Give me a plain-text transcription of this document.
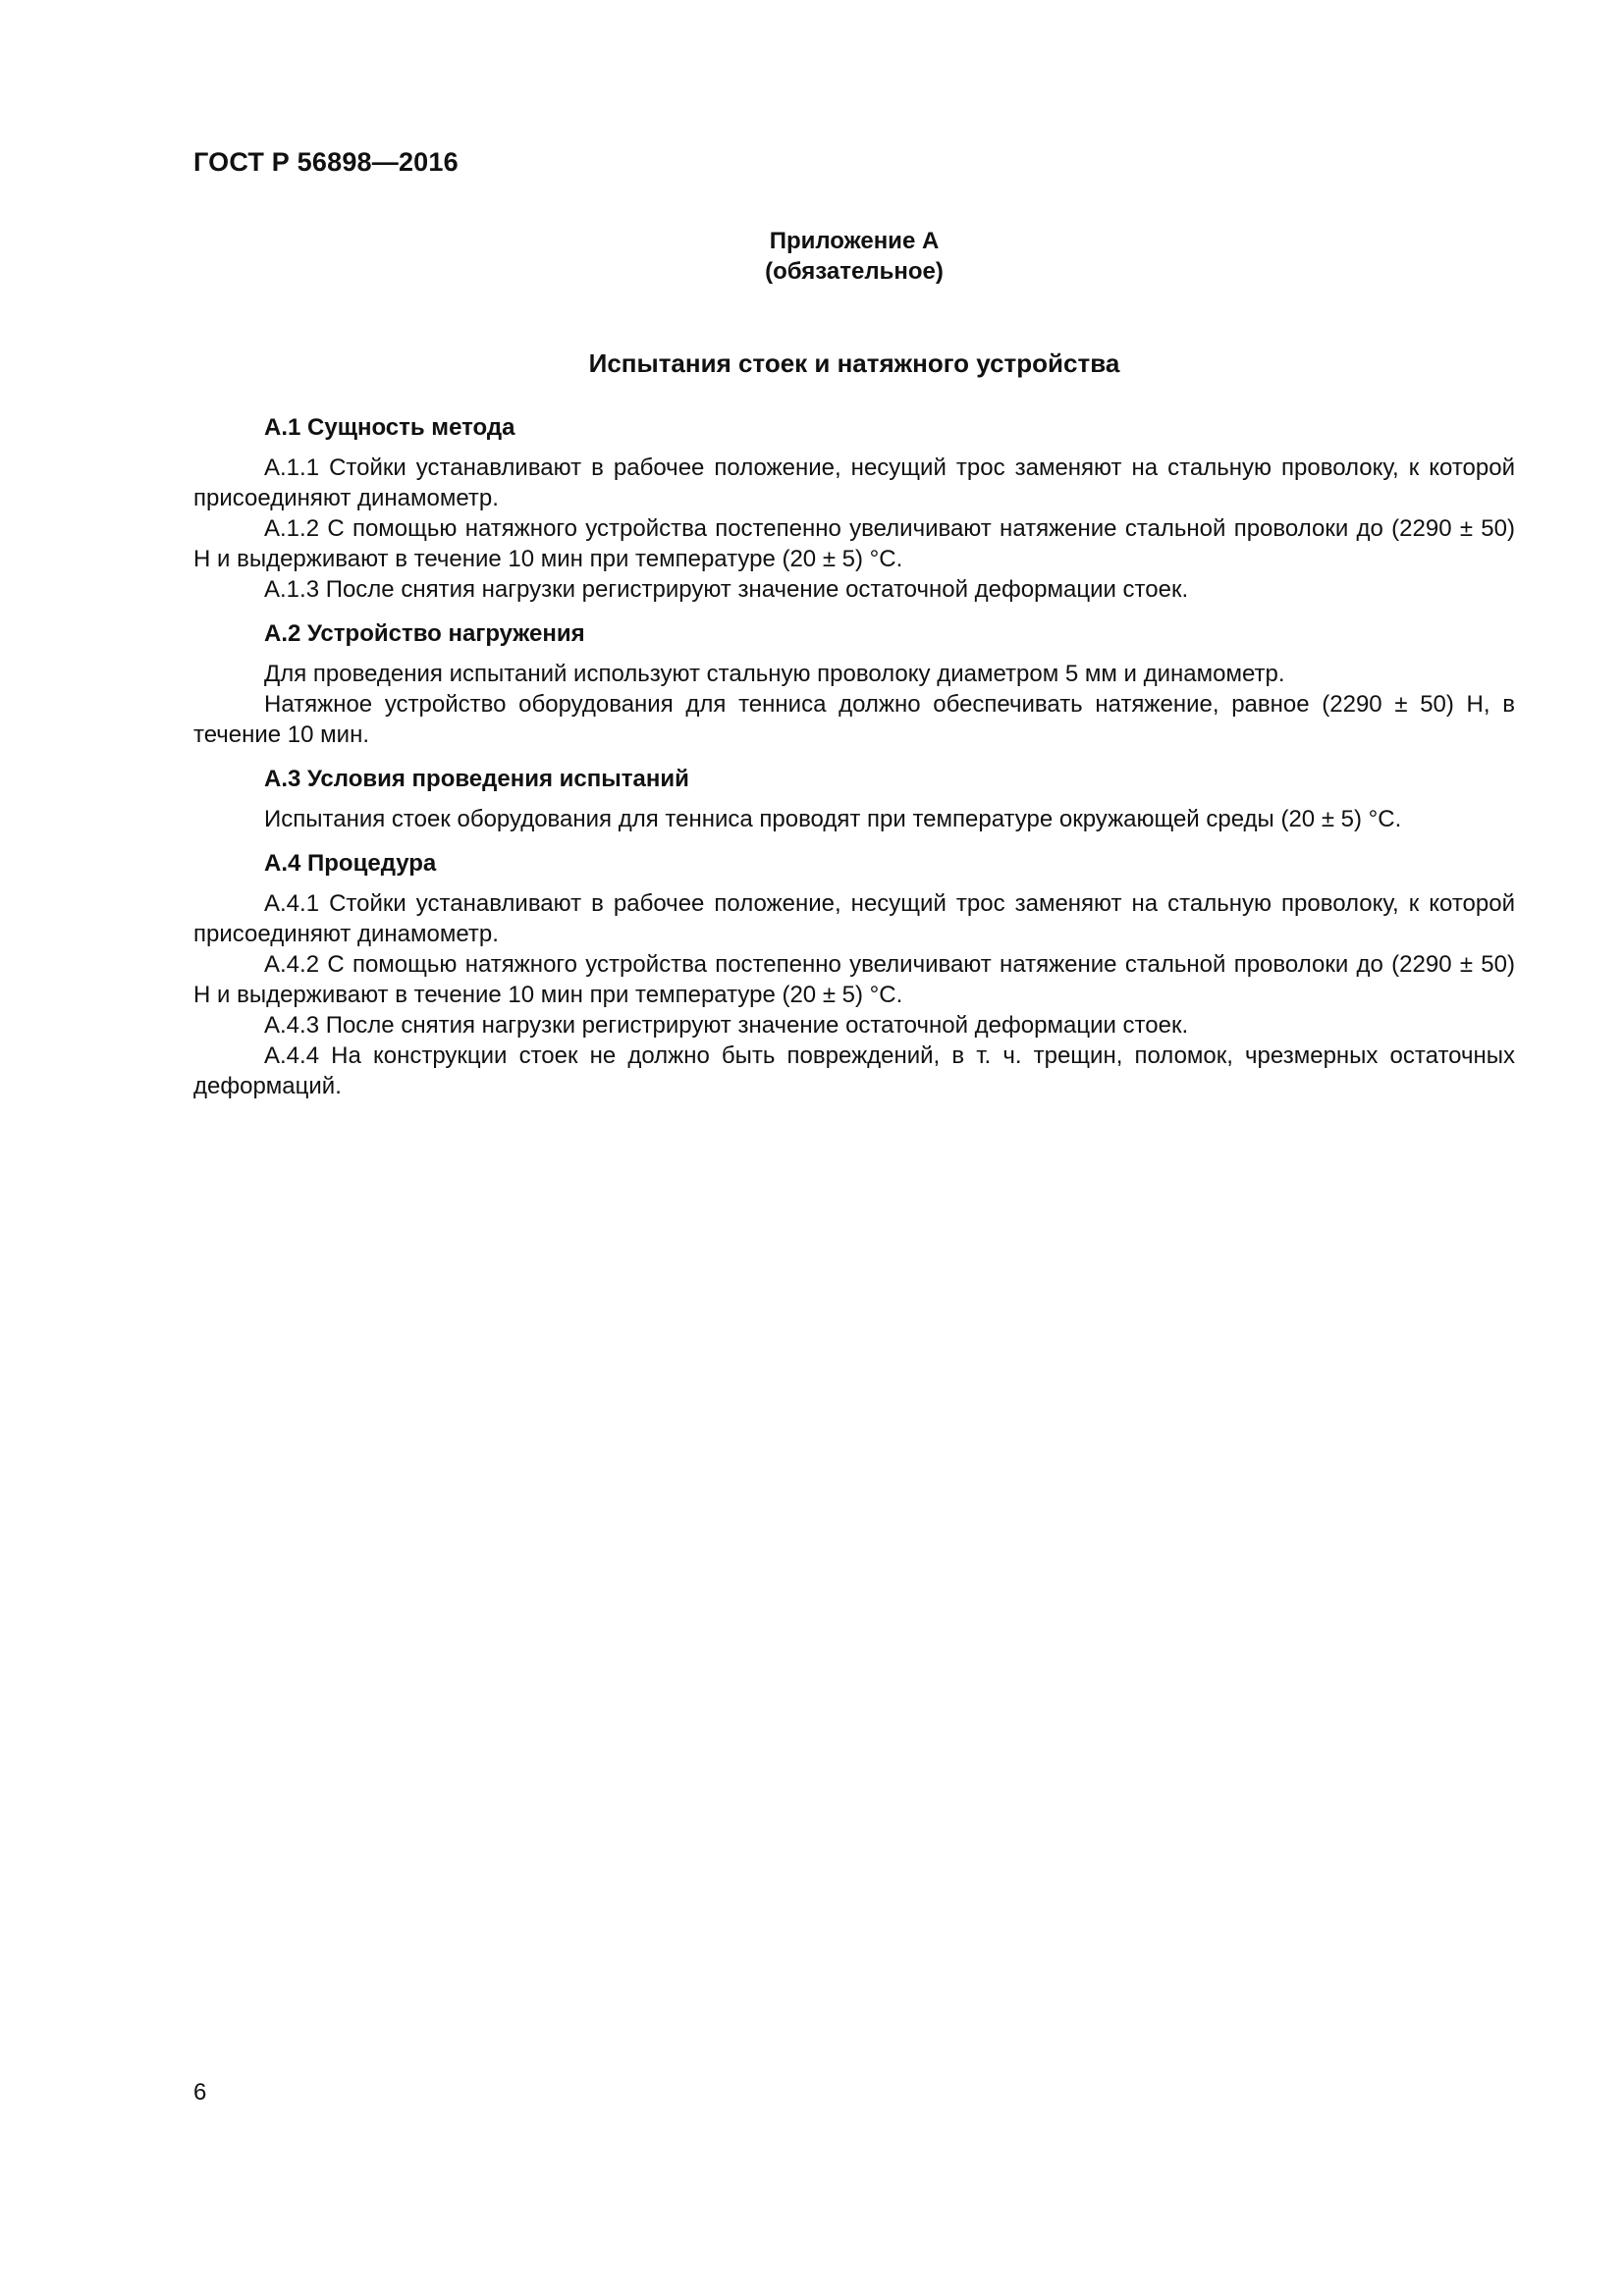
ГОСТ Р 56898—2016
Приложение А
(обязательное)
Испытания стоек и натяжного устройства
А.1 Сущность метода

А.1.1 Стойки устанавливают в рабочее положение, несущий трос заменяют на стальную проволоку, к которой присоединяют динамометр.

А.1.2 С помощью натяжного устройства постепенно увеличивают натяжение стальной проволоки до (2290 ± 50) Н и выдерживают в течение 10 мин при температуре (20 ± 5) °С.

А.1.3 После снятия нагрузки регистрируют значение остаточной деформации стоек.

А.2 Устройство нагружения

Для проведения испытаний используют стальную проволоку диаметром 5 мм и динамометр.

Натяжное устройство оборудования для тенниса должно обеспечивать натяжение, равное (2290 ± 50) Н, в течение 10 мин.

А.3 Условия проведения испытаний

Испытания стоек оборудования для тенниса проводят при температуре окружающей среды (20 ± 5) °С.

А.4 Процедура

А.4.1 Стойки устанавливают в рабочее положение, несущий трос заменяют на стальную проволоку, к которой присоединяют динамометр.

А.4.2 С помощью натяжного устройства постепенно увеличивают натяжение стальной проволоки до (2290 ± 50) Н и выдерживают в течение 10 мин при температуре (20 ± 5) °С.

А.4.3 После снятия нагрузки регистрируют значение остаточной деформации стоек.

А.4.4 На конструкции стоек не должно быть повреждений, в т. ч. трещин, поломок, чрезмерных остаточных деформаций.

6
